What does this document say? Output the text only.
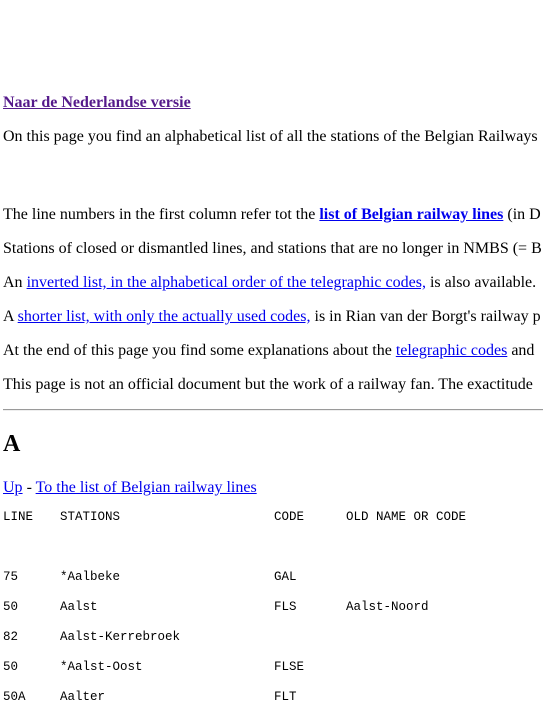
Naar de Nederlandse versie
On this page you find an alphabetical list of all the stations of the Belgian Railways
The line numbers in the first column refer tot the list of Belgian railway lines (in D
Stations of closed or dismantled lines, and stations that are no longer in NMBS (= B
An inverted list, in the alphabetical order of the telegraphic codes, is also available.
A shorter list, with only the actually used codes, is in Rian van der Borgt's railway p
At the end of this page you find some explanations about the telegraphic codes and
This page is not an official document but the work of a railway fan. The exactitude
A
Up - To the list of Belgian railway lines
LINE STATIONS	CODE	OLD NAME OR CODE

75	*Aalbeke	GAL

50	Aalst	FLS	Aalst-Noord

82	Aalst-Kerrebroek

50	*Aalst-Oost	FLSE

50A	Aalter	FLT
